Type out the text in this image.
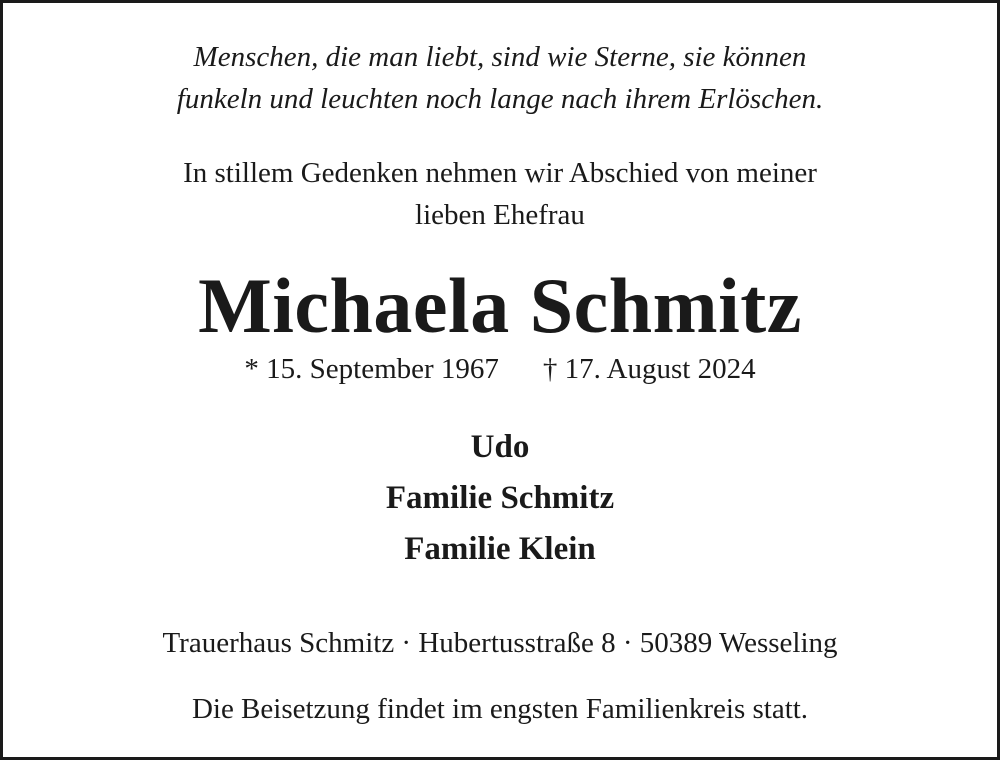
Menschen, die man liebt, sind wie Sterne, sie können
funkeln und leuchten noch lange nach ihrem Erlöschen.
In stillem Gedenken nehmen wir Abschied von meiner
lieben Ehefrau
Michaela Schmitz
* 15. September 1967 † 17. August 2024
Udo
Familie Schmitz
Familie Klein
Trauerhaus Schmitz · Hubertusstraße 8 · 50389 Wesseling
Die Beisetzung findet im engsten Familienkreis statt.
